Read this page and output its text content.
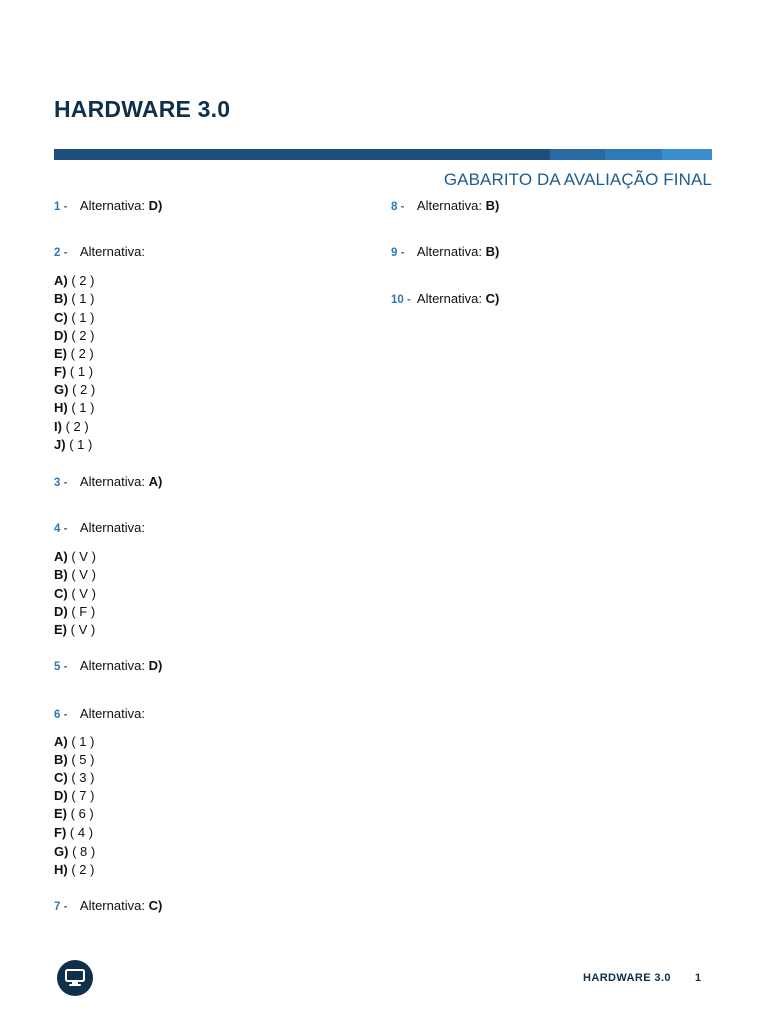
HARDWARE 3.0
GABARITO DA AVALIAÇÃO FINAL
1 - Alternativa: D)
2 - Alternativa:
A) ( 2 )
B) ( 1 )
C) ( 1 )
D) ( 2 )
E) ( 2 )
F) ( 1 )
G) ( 2 )
H) ( 1 )
I) ( 2 )
J) ( 1 )
3 - Alternativa: A)
4 - Alternativa:
A) ( V )
B) ( V )
C) ( V )
D) ( F )
E) ( V )
5 - Alternativa: D)
6 - Alternativa:
A) ( 1 )
B) ( 5 )
C) ( 3 )
D) ( 7 )
E) ( 6 )
F) ( 4 )
G) ( 8 )
H) ( 2 )
7 - Alternativa: C)
8 - Alternativa: B)
9 - Alternativa: B)
10 - Alternativa: C)
HARDWARE 3.0 1
